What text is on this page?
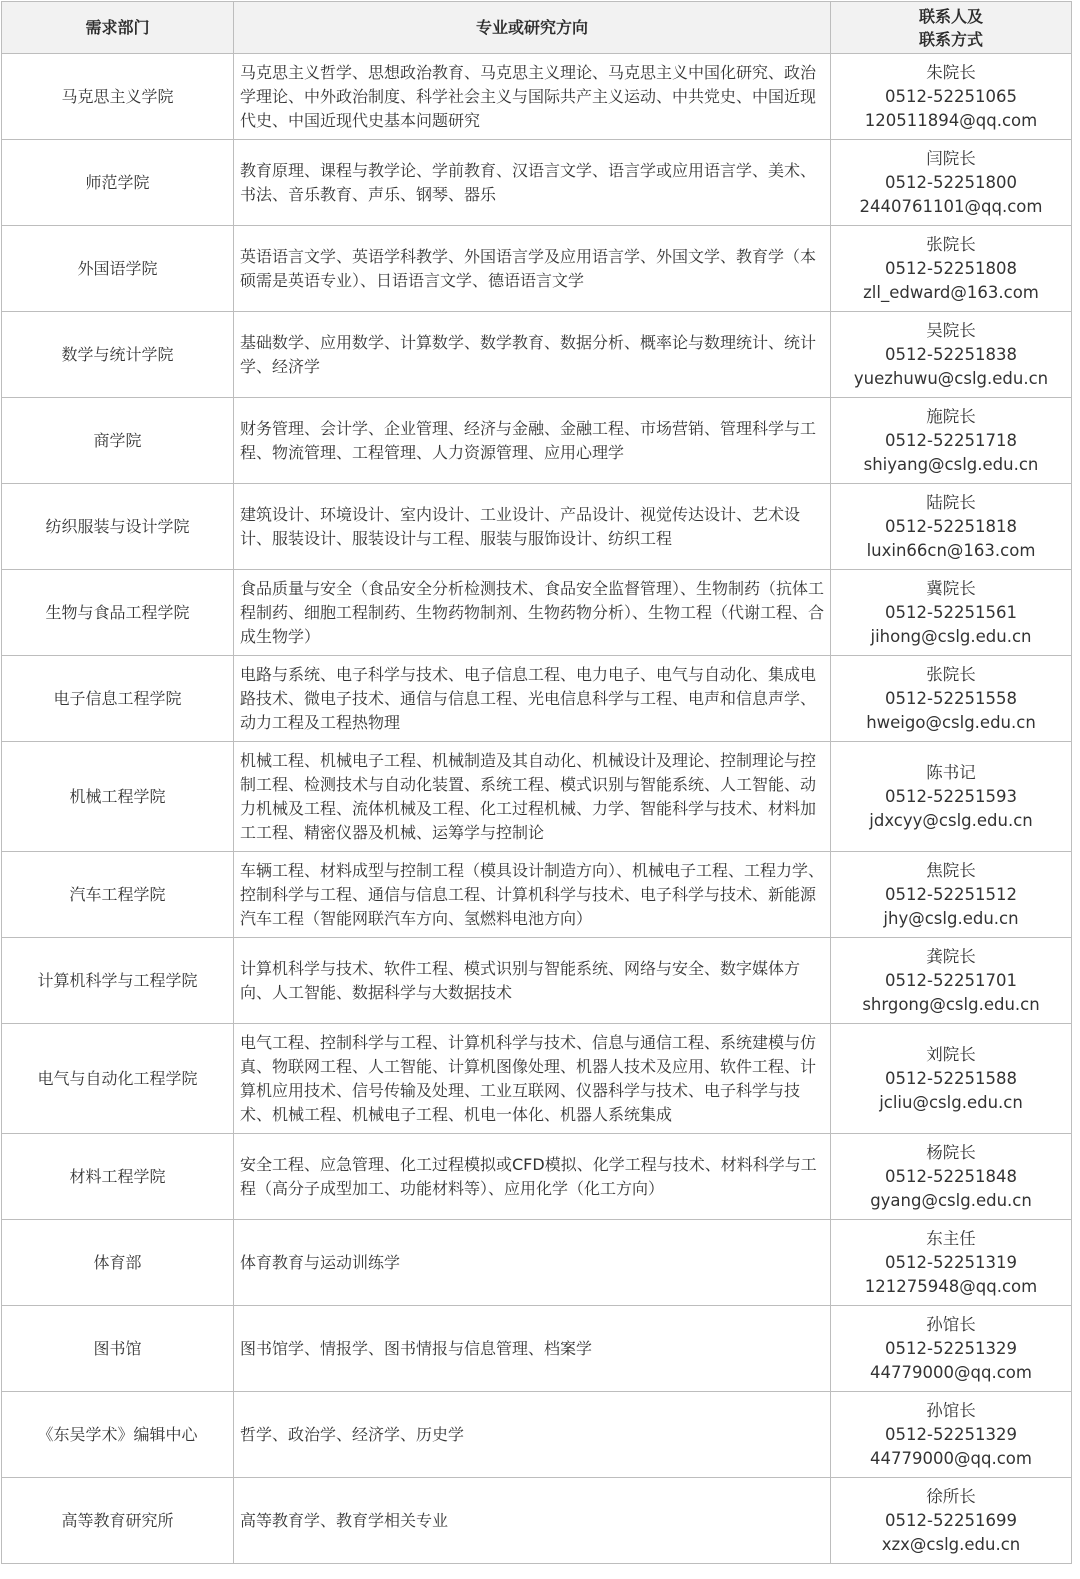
需求部门	专业或研究方向	联系人及
联系方式

马克思主义学院	马克思主义哲学、思想政治教育、马克思主义理论、马克思主义中国化研究、政治学理论、中外政治制度、科学社会主义与国际共产主义运动、中共党史、中国近现代史、中国近现代史基本问题研究	朱院长
0512-52251065
120511894@qq.com

师范学院	教育原理、课程与教学论、学前教育、汉语言文学、语言学或应用语言学、美术、书法、音乐教育、声乐、钢琴、器乐	闫院长
0512-52251800
2440761101@qq.com

外国语学院	英语语言文学、英语学科教学、外国语言学及应用语言学、外国文学、教育学（本硕需是英语专业）、日语语言文学、德语语言文学	张院长
0512-52251808
zll_edward@163.com

数学与统计学院	基础数学、应用数学、计算数学、数学教育、数据分析、概率论与数理统计、统计学、经济学	吴院长
0512-52251838
yuezhuwu@cslg.edu.cn

商学院	财务管理、会计学、企业管理、经济与金融、金融工程、市场营销、管理科学与工程、物流管理、工程管理、人力资源管理、应用心理学	施院长
0512-52251718
shiyang@cslg.edu.cn

纺织服装与设计学院	建筑设计、环境设计、室内设计、工业设计、产品设计、视觉传达设计、艺术设计、服装设计、服装设计与工程、服装与服饰设计、纺织工程	陆院长
0512-52251818
luxin66cn@163.com

生物与食品工程学院	食品质量与安全（食品安全分析检测技术、食品安全监督管理）、生物制药（抗体工程制药、细胞工程制药、生物药物制剂、生物药物分析）、生物工程（代谢工程、合成生物学）	冀院长
0512-52251561
jihong@cslg.edu.cn

电子信息工程学院	电路与系统、电子科学与技术、电子信息工程、电力电子、电气与自动化、集成电路技术、微电子技术、通信与信息工程、光电信息科学与工程、电声和信息声学、动力工程及工程热物理	张院长
0512-52251558
hweigo@cslg.edu.cn

机械工程学院	机械工程、机械电子工程、机械制造及其自动化、机械设计及理论、控制理论与控制工程、检测技术与自动化装置、系统工程、模式识别与智能系统、人工智能、动力机械及工程、流体机械及工程、化工过程机械、力学、智能科学与技术、材料加工工程、精密仪器及机械、运筹学与控制论	陈书记
0512-52251593
jdxcyy@cslg.edu.cn

汽车工程学院	车辆工程、材料成型与控制工程（模具设计制造方向）、机械电子工程、工程力学、控制科学与工程、通信与信息工程、计算机科学与技术、电子科学与技术、新能源汽车工程（智能网联汽车方向、氢燃料电池方向）	焦院长
0512-52251512
jhy@cslg.edu.cn

计算机科学与工程学院	计算机科学与技术、软件工程、模式识别与智能系统、网络与安全、数字媒体方向、人工智能、数据科学与大数据技术	龚院长
0512-52251701
shrgong@cslg.edu.cn

电气与自动化工程学院	电气工程、控制科学与工程、计算机科学与技术、信息与通信工程、系统建模与仿真、物联网工程、人工智能、计算机图像处理、机器人技术及应用、软件工程、计算机应用技术、信号传输及处理、工业互联网、仪器科学与技术、电子科学与技术、机械工程、机械电子工程、机电一体化、机器人系统集成	刘院长
0512-52251588
jcliu@cslg.edu.cn

材料工程学院	安全工程、应急管理、化工过程模拟或CFD模拟、化学工程与技术、材料科学与工程（高分子成型加工、功能材料等）、应用化学（化工方向）	杨院长
0512-52251848
gyang@cslg.edu.cn

体育部	体育教育与运动训练学	东主任
0512-52251319
121275948@qq.com

图书馆	图书馆学、情报学、图书情报与信息管理、档案学	孙馆长
0512-52251329
44779000@qq.com

《东吴学术》编辑中心	哲学、政治学、经济学、历史学	孙馆长
0512-52251329
44779000@qq.com

高等教育研究所	高等教育学、教育学相关专业	徐所长
0512-52251699
xzx@cslg.edu.cn
